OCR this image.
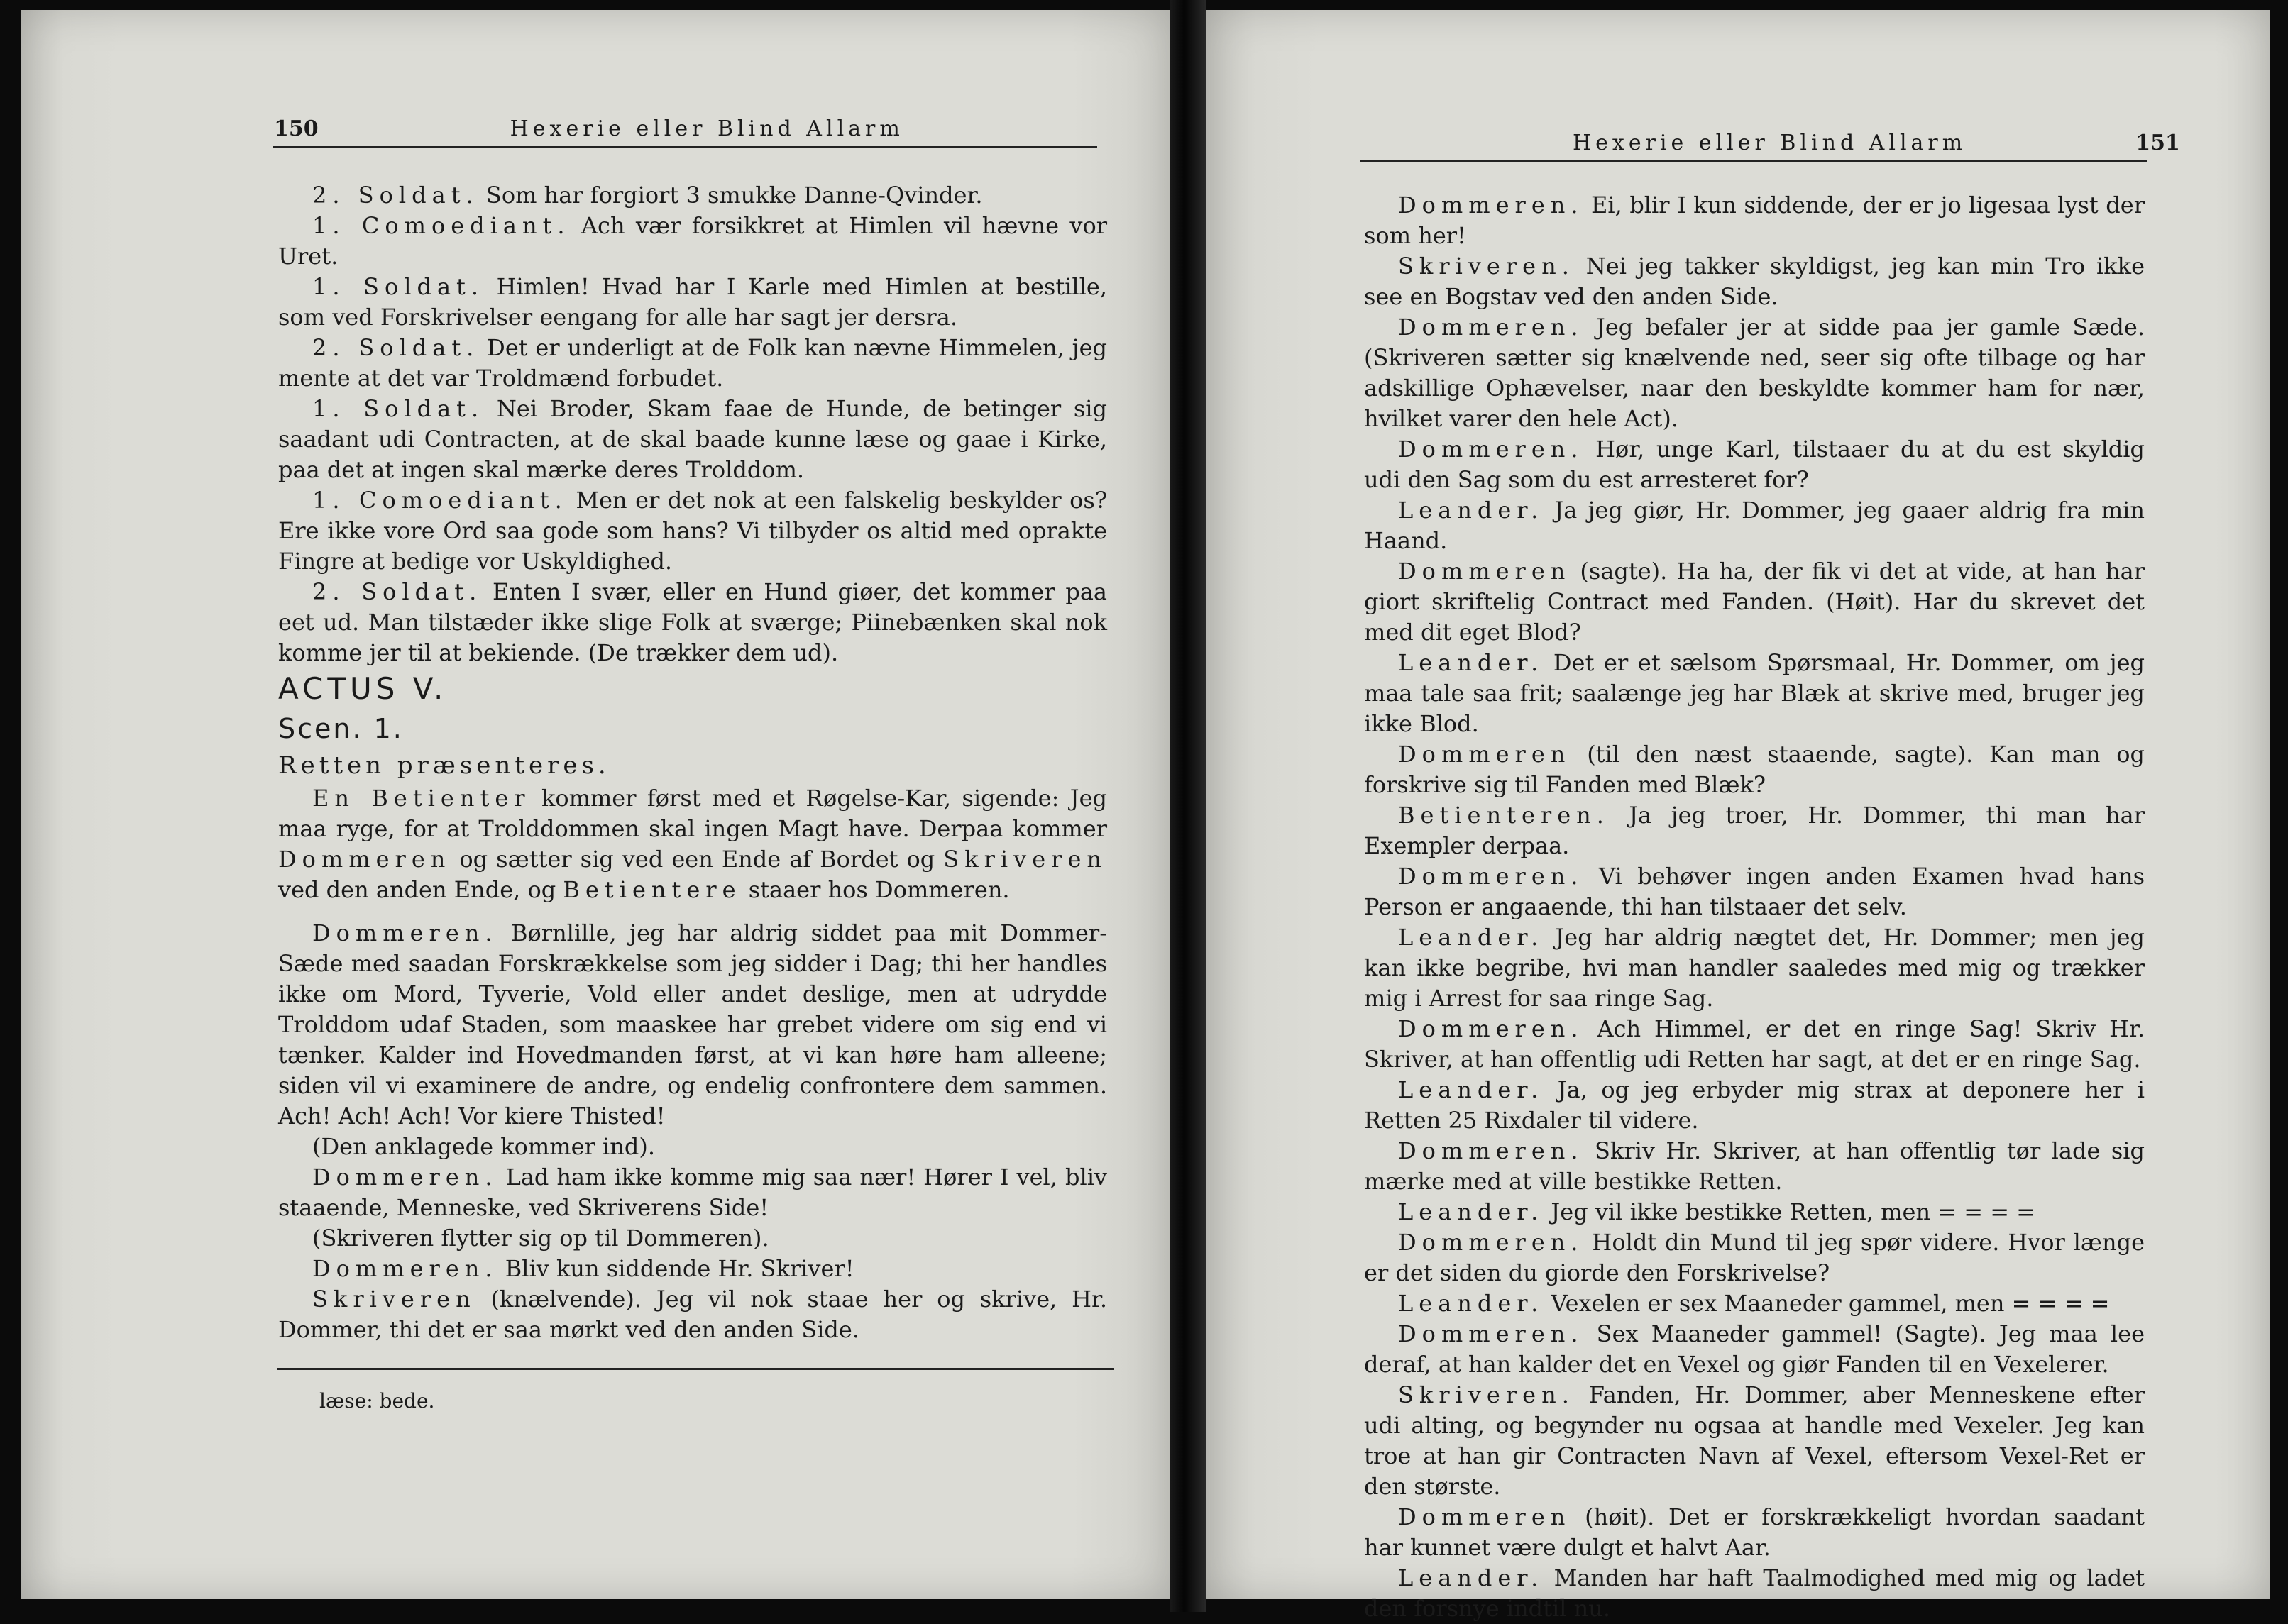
150	Hexerie eller Blind Allarm

2. Soldat. Som har forgiort 3 smukke Danne-Qvinder.

1. Comoediant. Ach vær forsikkret at Himlen vil hævne vor Uret.

1. Soldat. Himlen! Hvad har I Karle med Himlen at bestille, som ved Forskrivelser eengang for alle har sagt jer dersra.

2. Soldat. Det er underligt at de Folk kan nævne Himmelen, jeg mente at det var Troldmænd forbudet.

1. Soldat. Nei Broder, Skam faae de Hunde, de betinger sig saadant udi Contracten, at de skal baade kunne læse og gaae i Kirke, paa det at ingen skal mærke deres Trolddom.

1. Comoediant. Men er det nok at een falskelig beskylder os? Ere ikke vore Ord saa gode som hans? Vi tilbyder os altid med oprakte Fingre at bedige vor Uskyldighed.

2. Soldat. Enten I svær, eller en Hund giøer, det kommer paa eet ud. Man tilstæder ikke slige Folk at sværge; Piinebænken skal nok komme jer til at bekiende. (De trækker dem ud).

ACTUS V.

Scen. 1.

Retten præsenteres.

En Betienter kommer først med et Røgelse-Kar, sigende: Jeg maa ryge, for at Trolddommen skal ingen Magt have. Derpaa kommer Dommeren og sætter sig ved een Ende af Bordet og Skriveren ved den anden Ende, og Betientere staaer hos Dommeren.

Dommeren. Børnlille, jeg har aldrig siddet paa mit Dommer-Sæde med saadan Forskrækkelse som jeg sidder i Dag; thi her handles ikke om Mord, Tyverie, Vold eller andet deslige, men at udrydde Trolddom udaf Staden, som maaskee har grebet videre om sig end vi tænker. Kalder ind Hovedmanden først, at vi kan høre ham alleene; siden vil vi examinere de andre, og endelig confrontere dem sammen. Ach! Ach! Ach! Vor kiere Thisted!

(Den anklagede kommer ind).

Dommeren. Lad ham ikke komme mig saa nær! Hører I vel, bliv staaende, Menneske, ved Skriverens Side!

(Skriveren flytter sig op til Dommeren).

Dommeren. Bliv kun siddende Hr. Skriver!

Skriveren (knælvende). Jeg vil nok staae her og skrive, Hr. Dommer, thi det er saa mørkt ved den anden Side.

læse: bede.
Hexerie eller Blind Allarm	151

Dommeren. Ei, blir I kun siddende, der er jo ligesaa lyst der som her!

Skriveren. Nei jeg takker skyldigst, jeg kan min Tro ikke see en Bogstav ved den anden Side.

Dommeren. Jeg befaler jer at sidde paa jer gamle Sæde. (Skriveren sætter sig knælvende ned, seer sig ofte tilbage og har adskillige Ophævelser, naar den beskyldte kommer ham for nær, hvilket varer den hele Act).

Dommeren. Hør, unge Karl, tilstaaer du at du est skyldig udi den Sag som du est arresteret for?

Leander. Ja jeg giør, Hr. Dommer, jeg gaaer aldrig fra min Haand.

Dommeren (sagte). Ha ha, der fik vi det at vide, at han har giort skriftelig Contract med Fanden. (Høit). Har du skrevet det med dit eget Blod?

Leander. Det er et sælsom Spørsmaal, Hr. Dommer, om jeg maa tale saa frit; saalænge jeg har Blæk at skrive med, bruger jeg ikke Blod.

Dommeren (til den næst staaende, sagte). Kan man og forskrive sig til Fanden med Blæk?

Betienteren. Ja jeg troer, Hr. Dommer, thi man har Exempler derpaa.

Dommeren. Vi behøver ingen anden Examen hvad hans Person er angaaende, thi han tilstaaer det selv.

Leander. Jeg har aldrig nægtet det, Hr. Dommer; men jeg kan ikke begribe, hvi man handler saaledes med mig og trækker mig i Arrest for saa ringe Sag.

Dommeren. Ach Himmel, er det en ringe Sag! Skriv Hr. Skriver, at han offentlig udi Retten har sagt, at det er en ringe Sag.

Leander. Ja, og jeg erbyder mig strax at deponere her i Retten 25 Rixdaler til videre.

Dommeren. Skriv Hr. Skriver, at han offentlig tør lade sig mærke med at ville bestikke Retten.

Leander. Jeg vil ikke bestikke Retten, men = = = =

Dommeren. Holdt din Mund til jeg spør videre. Hvor længe er det siden du giorde den Forskrivelse?

Leander. Vexelen er sex Maaneder gammel, men = = = =

Dommeren. Sex Maaneder gammel! (Sagte). Jeg maa lee deraf, at han kalder det en Vexel og giør Fanden til en Vexelerer.

Skriveren. Fanden, Hr. Dommer, aber Menneskene efter udi alting, og begynder nu ogsaa at handle med Vexeler. Jeg kan troe at han gir Contracten Navn af Vexel, eftersom Vexel-Ret er den største.

Dommeren (høit). Det er forskrækkeligt hvordan saadant har kunnet være dulgt et halvt Aar.

Leander. Manden har haft Taalmodighed med mig og ladet den forsnye indtil nu.
